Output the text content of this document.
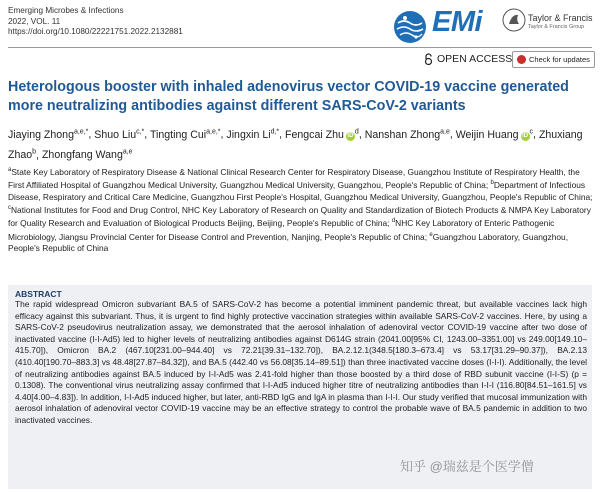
Emerging Microbes & Infections
2022, VOL. 11
https://doi.org/10.1080/22221751.2022.2132881	EMi	Taylor & Francis
Taylor & Francis Group
OPEN ACCESS Check for updates
Heterologous booster with inhaled adenovirus vector COVID-19 vaccine generated more neutralizing antibodies against different SARS-CoV-2 variants
Jiaying Zhong$^{a,e,*}$, Shuo Liu$^{c,*}$, Tingting Cui$^{a,e,*}$, Jingxin $Li^{d,*}$, Fengcai Zhu $iD^d$, Nanshan Zhong$^{a,e}$, Weijin Huang $iD^c$, Zhuxiang Zhao$^b$, Zhongfang Wang$^{a,e}$
$^a$State Key Laboratory of Respiratory Disease & National Clinical Research Center for Respiratory Disease, Guangzhou Institute of Respiratory Health, the First Affiliated Hospital of Guangzhou Medical University, Guangzhou Medical University, Guangzhou, People's Republic of China; $^b$Department of Infectious Disease, Respiratory and Critical Care Medicine, Guangzhou First People's Hospital, Guangzhou Medical University, Guangzhou, People's Republic of China; $^c$National Institutes for Food and Drug Control, NHC Key Laboratory of Research on Quality and Standardization of Biotech Products & NMPA Key Laboratory for Quality Research and Evaluation of Biological Products Beijing, Beijing, People's Republic of China; $^d$NHC Key Laboratory of Enteric Pathogenic Microbiology, Jiangsu Provincial Center for Disease Control and Prevention, Nanjing, People's Republic of China; $^e$Guangzhou Laboratory, Guangzhou, People's Republic of China
ABSTRACT

The rapid widespread Omicron subvariant BA.5 of SARS-CoV-2 has become a potential imminent pandemic threat, but available vaccines lack high efficacy against this subvariant. Thus, it is urgent to find highly protective vaccination strategies within available SARS-CoV-2 vaccines. Here, by using a SARS-CoV-2 pseudovirus neutralization assay, we demonstrated that the aerosol inhalation of adenoviral vector COVID-19 vaccine after two dose of inactivated vaccine (I-I-Ad5) led to higher levels of neutralizing antibodies against D614G strain (2041.00[95% CI, 1243.00–3351.00] vs 249.00[149.10–415.70]), Omicron BA.2 (467.10[231.00–944.40] vs 72.21[39.31–132.70]), BA.2.12.1(348.5[180.3–673.4] vs 53.17[31.29–90.37]), BA.2.13 (410.40[190.70–883.3] vs 48.48[27.87–84.32]), and BA.5 (442.40 vs 56.08[35.14–89.51]) than three inactivated vaccine doses (I-I-I). Additionally, the level of neutralizing antibodies against BA.5 induced by I-I-Ad5 was 2.41-fold higher than those boosted by a third dose of RBD subunit vaccine (I-I-S) (p = 0.1308). The conventional virus neutralizing assay confirmed that I-I-Ad5 induced higher titre of neutralizing antibodies than I-I-I (116.80[84.51–161.5] vs 4.40[4.00–4.83]). In addition, I-I-Ad5 induced higher, but later, anti-RBD IgG and IgA in plasma than I-I-I. Our study verified that mucosal immunization with aerosol inhalation of adenoviral vector COVID-19 vaccine may be an effective strategy to control the probable wave of BA.5 pandemic in addition to two inactivated vaccines.

知乎 @瑞兹是个医学僧
